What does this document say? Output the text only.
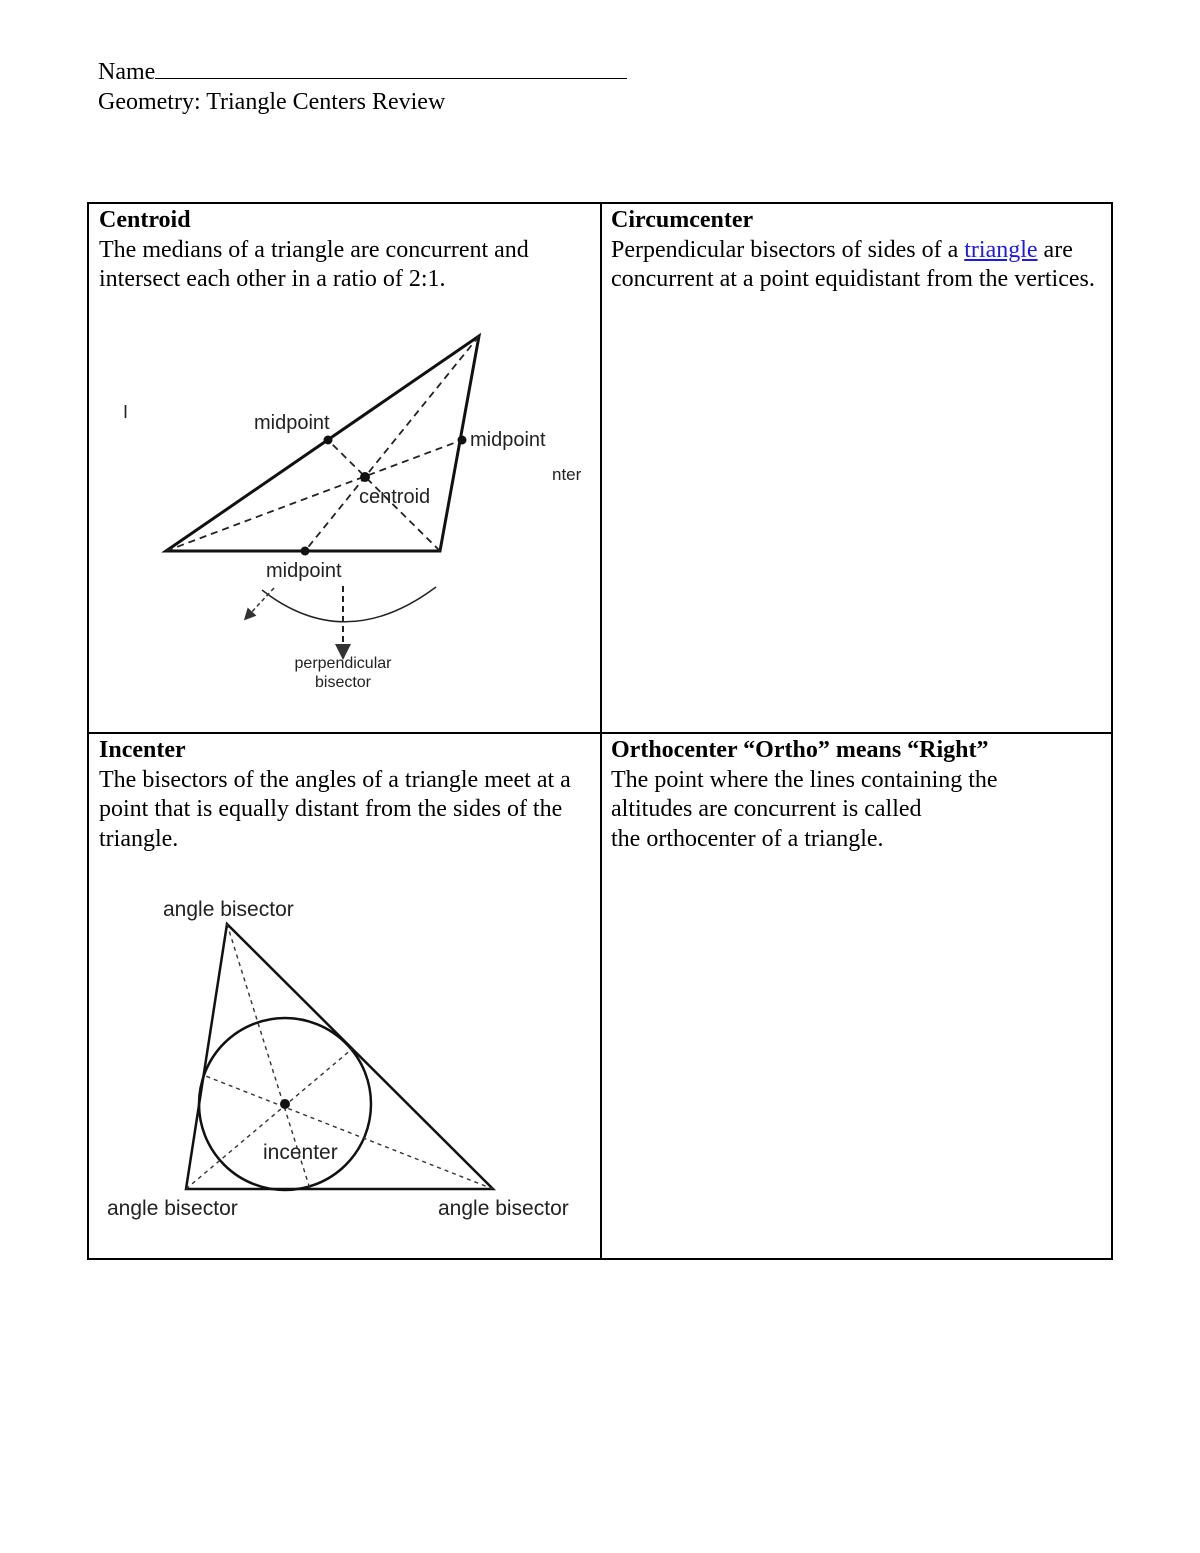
Name
Geometry: Triangle Centers Review
Centroid
The medians of a triangle are concurrent and intersect each other in a ratio of 2:1.
Circumcenter
Perpendicular bisectors of sides of a triangle are concurrent at a point equidistant from the vertices.
Incenter
The bisectors of the angles of a triangle meet at a point that is equally distant from the sides of the triangle.
Orthocenter “Ortho” means “Right”
The point where the lines containing the
altitudes are concurrent is called
the orthocenter of a triangle.
midpoint
midpoint
centroid
midpoint
I
nter
perpendicular
bisector
angle bisector
incenter
angle bisector	angle bisector
